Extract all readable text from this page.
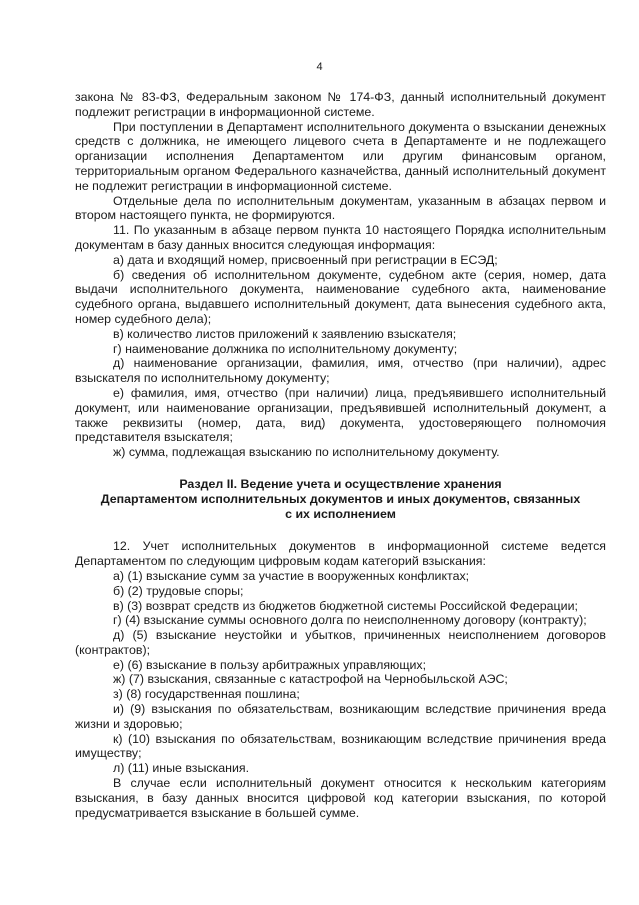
4

закона № 83-ФЗ, Федеральным законом № 174-ФЗ, данный исполнительный документ подлежит регистрации в информационной системе.

При поступлении в Департамент исполнительного документа о взыскании денежных средств с должника, не имеющего лицевого счета в Департаменте и не подлежащего организации исполнения Департаментом или другим финансовым органом, территориальным органом Федерального казначейства, данный исполнительный документ не подлежит регистрации в информационной системе.

Отдельные дела по исполнительным документам, указанным в абзацах первом и втором настоящего пункта, не формируются.

11. По указанным в абзаце первом пункта 10 настоящего Порядка исполнительным документам в базу данных вносится следующая информация:

а) дата и входящий номер, присвоенный при регистрации в ЕСЭД;

б) сведения об исполнительном документе, судебном акте (серия, номер, дата выдачи исполнительного документа, наименование судебного акта, наименование судебного органа, выдавшего исполнительный документ, дата вынесения судебного акта, номер судебного дела);

в) количество листов приложений к заявлению взыскателя;

г) наименование должника по исполнительному документу;

д) наименование организации, фамилия, имя, отчество (при наличии), адрес взыскателя по исполнительному документу;

е) фамилия, имя, отчество (при наличии) лица, предъявившего исполнительный документ, или наименование организации, предъявившей исполнительный документ, а также реквизиты (номер, дата, вид) документа, удостоверяющего полномочия представителя взыскателя;

ж) сумма, подлежащая взысканию по исполнительному документу.

Раздел II. Ведение учета и осуществление хранения
Департаментом исполнительных документов и иных документов, связанных
с их исполнением

12. Учет исполнительных документов в информационной системе ведется Департаментом по следующим цифровым кодам категорий взыскания:

а) (1) взыскание сумм за участие в вооруженных конфликтах;

б) (2) трудовые споры;

в) (3) возврат средств из бюджетов бюджетной системы Российской Федерации;

г) (4) взыскание суммы основного долга по неисполненному договору (контракту);

д) (5) взыскание неустойки и убытков, причиненных неисполнением договоров (контрактов);

е) (6) взыскание в пользу арбитражных управляющих;

ж) (7) взыскания, связанные с катастрофой на Чернобыльской АЭС;

з) (8) государственная пошлина;

и) (9) взыскания по обязательствам, возникающим вследствие причинения вреда жизни и здоровью;

к) (10) взыскания по обязательствам, возникающим вследствие причинения вреда имуществу;

л) (11) иные взыскания.

В случае если исполнительный документ относится к нескольким категориям взыскания, в базу данных вносится цифровой код категории взыскания, по которой предусматривается взыскание в большей сумме.
